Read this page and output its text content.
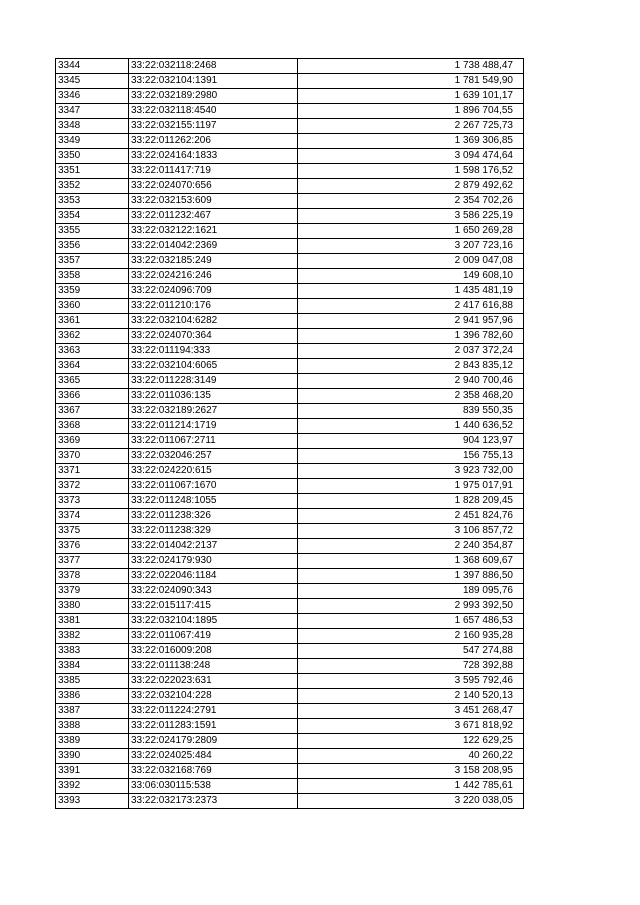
3344	33:22:032118:2468	1 738 488,47
3345	33:22:032104:1391	1 781 549,90
3346	33:22:032189:2980	1 639 101,17
3347	33:22:032118:4540	1 896 704,55
3348	33:22:032155:1197	2 267 725,73
3349	33:22:011262:206	1 369 306,85
3350	33:22:024164:1833	3 094 474,64
3351	33:22:011417:719	1 598 176,52
3352	33:22:024070:656	2 879 492,62
3353	33:22:032153:609	2 354 702,26
3354	33:22:011232:467	3 586 225,19
3355	33:22:032122:1621	1 650 269,28
3356	33:22:014042:2369	3 207 723,16
3357	33:22:032185:249	2 009 047,08
3358	33:22:024216:246	149 608,10
3359	33:22:024096:709	1 435 481,19
3360	33:22:011210:176	2 417 616,88
3361	33:22:032104:6282	2 941 957,96
3362	33:22:024070:364	1 396 782,60
3363	33:22:011194:333	2 037 372,24
3364	33:22:032104:6065	2 843 835,12
3365	33:22:011228:3149	2 940 700,46
3366	33:22:011036:135	2 358 468,20
3367	33:22:032189:2627	839 550,35
3368	33:22:011214:1719	1 440 636,52
3369	33:22:011067:2711	904 123,97
3370	33:22:032046:257	156 755,13
3371	33:22:024220:615	3 923 732,00
3372	33:22:011067:1670	1 975 017,91
3373	33:22:011248:1055	1 828 209,45
3374	33:22:011238:326	2 451 824,76
3375	33:22:011238:329	3 106 857,72
3376	33:22:014042:2137	2 240 354,87
3377	33:22:024179:930	1 368 609,67
3378	33:22:022046:1184	1 397 886,50
3379	33:22:024090:343	189 095,76
3380	33:22:015117:415	2 993 392,50
3381	33:22:032104:1895	1 657 486,53
3382	33:22:011067:419	2 160 935,28
3383	33:22:016009:208	547 274,88
3384	33:22:011138:248	728 392,88
3385	33:22:022023:631	3 595 792,46
3386	33:22:032104:228	2 140 520,13
3387	33:22:011224:2791	3 451 268,47
3388	33:22:011283:1591	3 671 818,92
3389	33:22:024179:2809	122 629,25
3390	33:22:024025:484	40 260,22
3391	33:22:032168:769	3 158 208,95
3392	33:06:030115:538	1 442 785,61
3393	33:22:032173:2373	3 220 038,05
